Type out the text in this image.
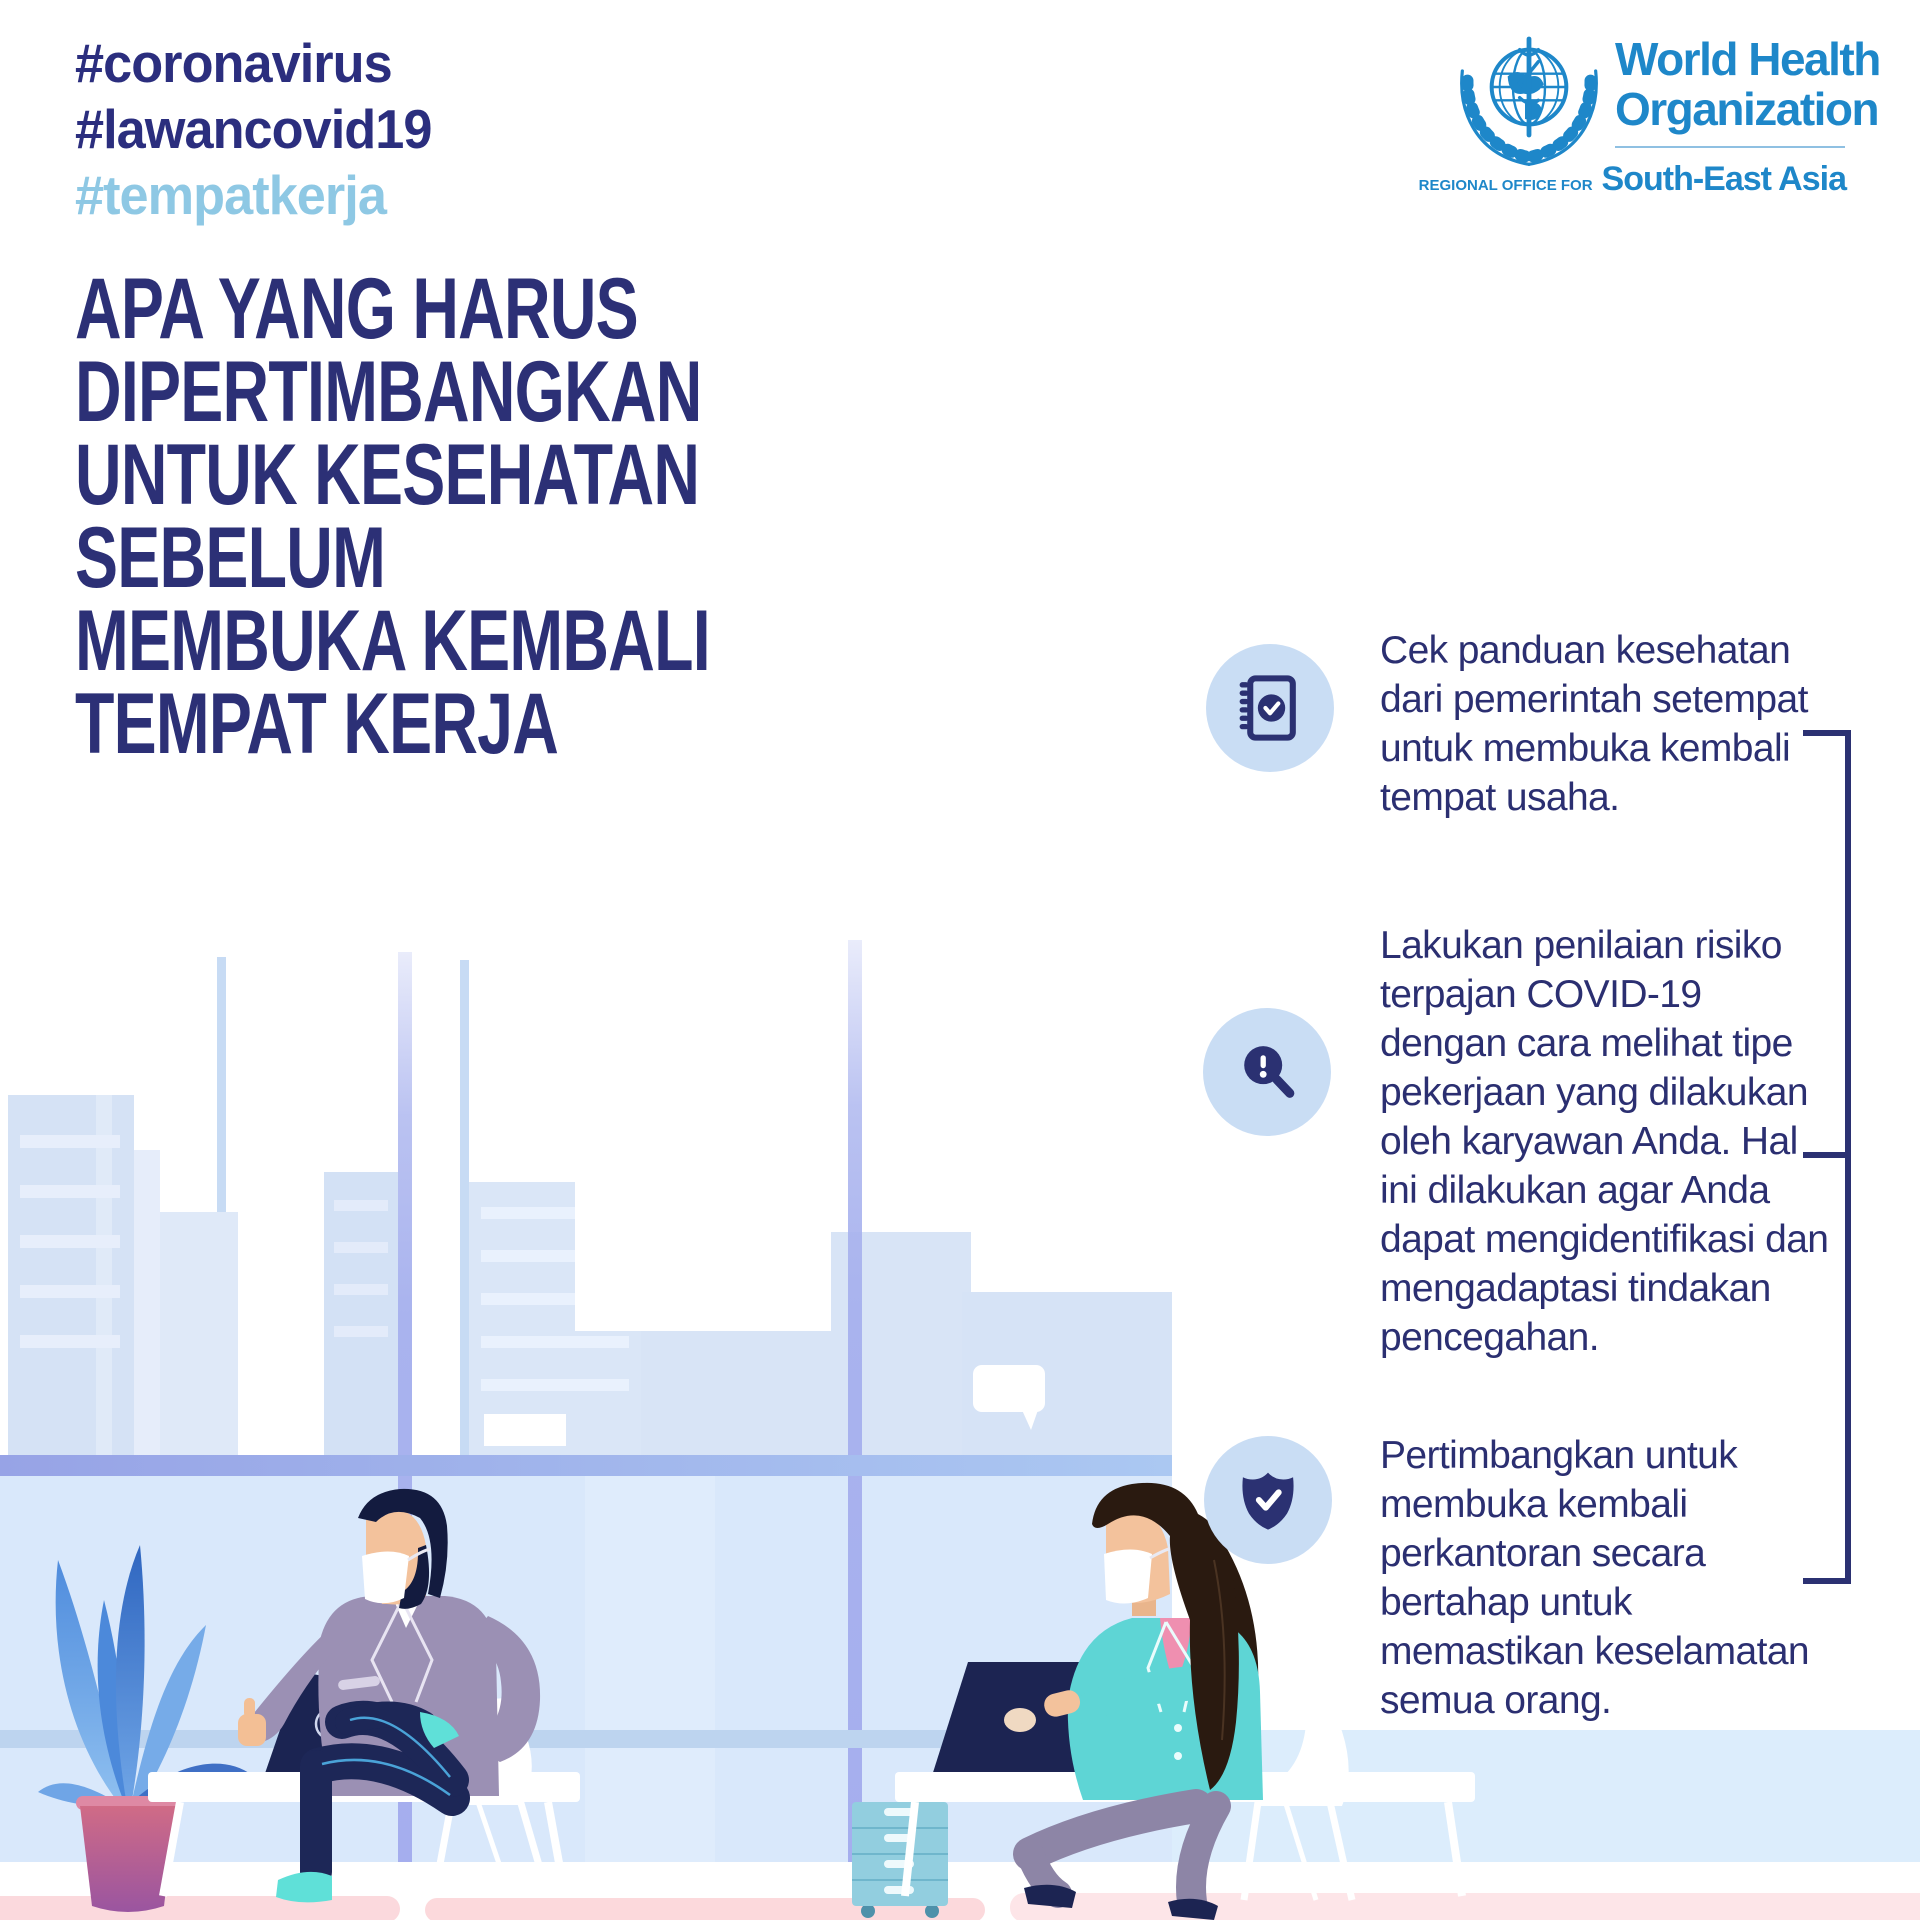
#coronavirus
#lawancovid19
#tempatkerja
World Health
Organization
REGIONAL OFFICE FOR South-East Asia
APA YANG HARUS
DIPERTIMBANGKAN
UNTUK KESEHATAN
SEBELUM
MEMBUKA KEMBALI
TEMPAT KERJA
Cek panduan kesehatan dari pemerintah setempat untuk membuka kembali tempat usaha.
Lakukan penilaian risiko terpajan COVID-19 dengan cara melihat tipe pekerjaan yang dilakukan oleh karyawan Anda. Hal ini dilakukan agar Anda dapat mengidentifikasi dan mengadaptasi tindakan pencegahan.
Pertimbangkan untuk membuka kembali perkantoran secara bertahap untuk memastikan keselamatan semua orang.
